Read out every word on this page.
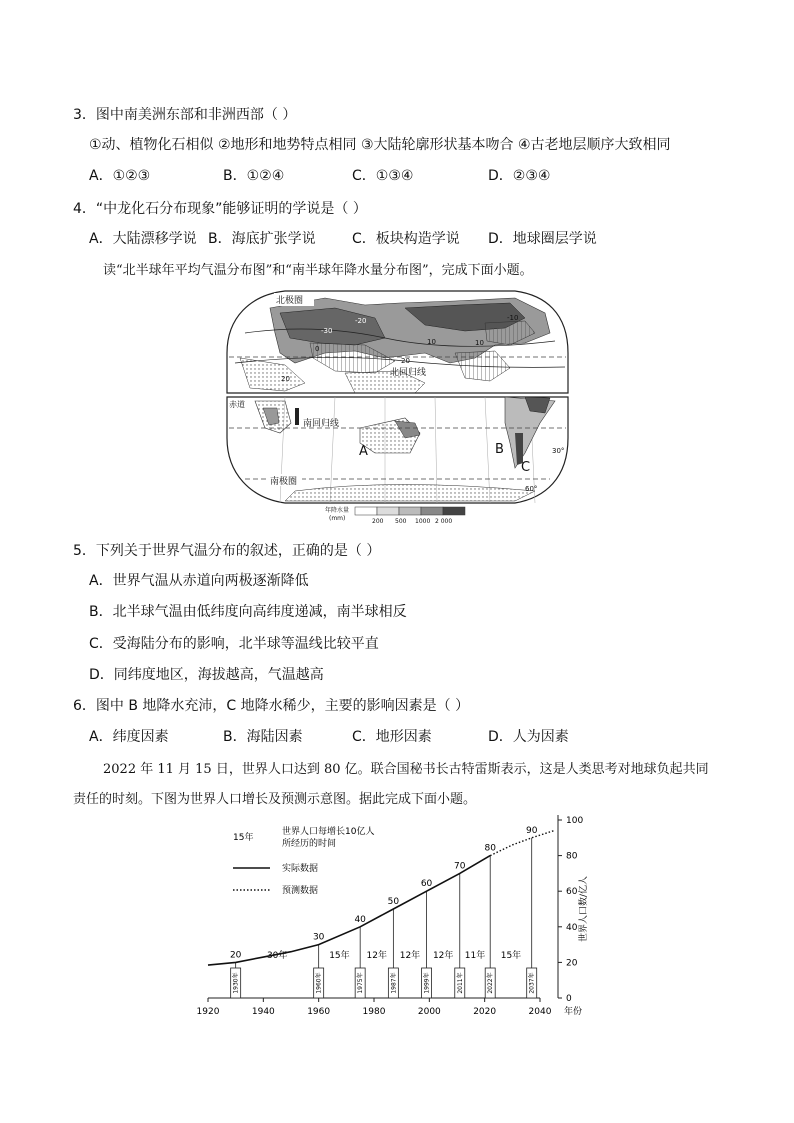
3．图中南美洲东部和非洲西部（ ）
①动、植物化石相似 ②地形和地势特点相同 ③大陆轮廓形状基本吻合 ④古老地层顺序大致相同
A．①②③	B．①②④	C．①③④	D．②③④
4．“中龙化石分布现象”能够证明的学说是（ ）
A．大陆漂移学说 B．海底扩张学说	C．板块构造学说 D．地球圈层学说
读“北半球年平均气温分布图”和“南半球年降水量分布图”，完成下面小题。
北极圈
北回归线
20
20
-30
-10
10
0
10
-20
赤道
南回归线
南极圈
A	B
C
30°
60°
年降水量
(mm)	200 500 1000 2 000
5．下列关于世界气温分布的叙述，正确的是（ ）
A．世界气温从赤道向两极逐渐降低
B．北半球气温由低纬度向高纬度递减，南半球相反
C．受海陆分布的影响，北半球等温线比较平直
D．同纬度地区，海拔越高，气温越高
6．图中 B 地降水充沛，C 地降水稀少，主要的影响因素是（ ）
A．纬度因素	B．海陆因素	C．地形因素	D．人为因素
2022 年 11 月 15 日，世界人口达到 80 亿。联合国秘书长古特雷斯表示，这是人类思考对地球负起共同
责任的时刻。下图为世界人口增长及预测示意图。据此完成下面小题。
1920	1940	1960	1980	2000	2020	2040 年份
0
20
40
60
80
100
世界人口数/亿人
20
1930年
30
1960年
40
1975年
50
1987年
60
1999年
70
2011年
80
2022年
90
2037年
30年	15年 12年 12年 12年 11年 15年
15年
世界人口每增长10亿人
所经历的时间
实际数据
预测数据
